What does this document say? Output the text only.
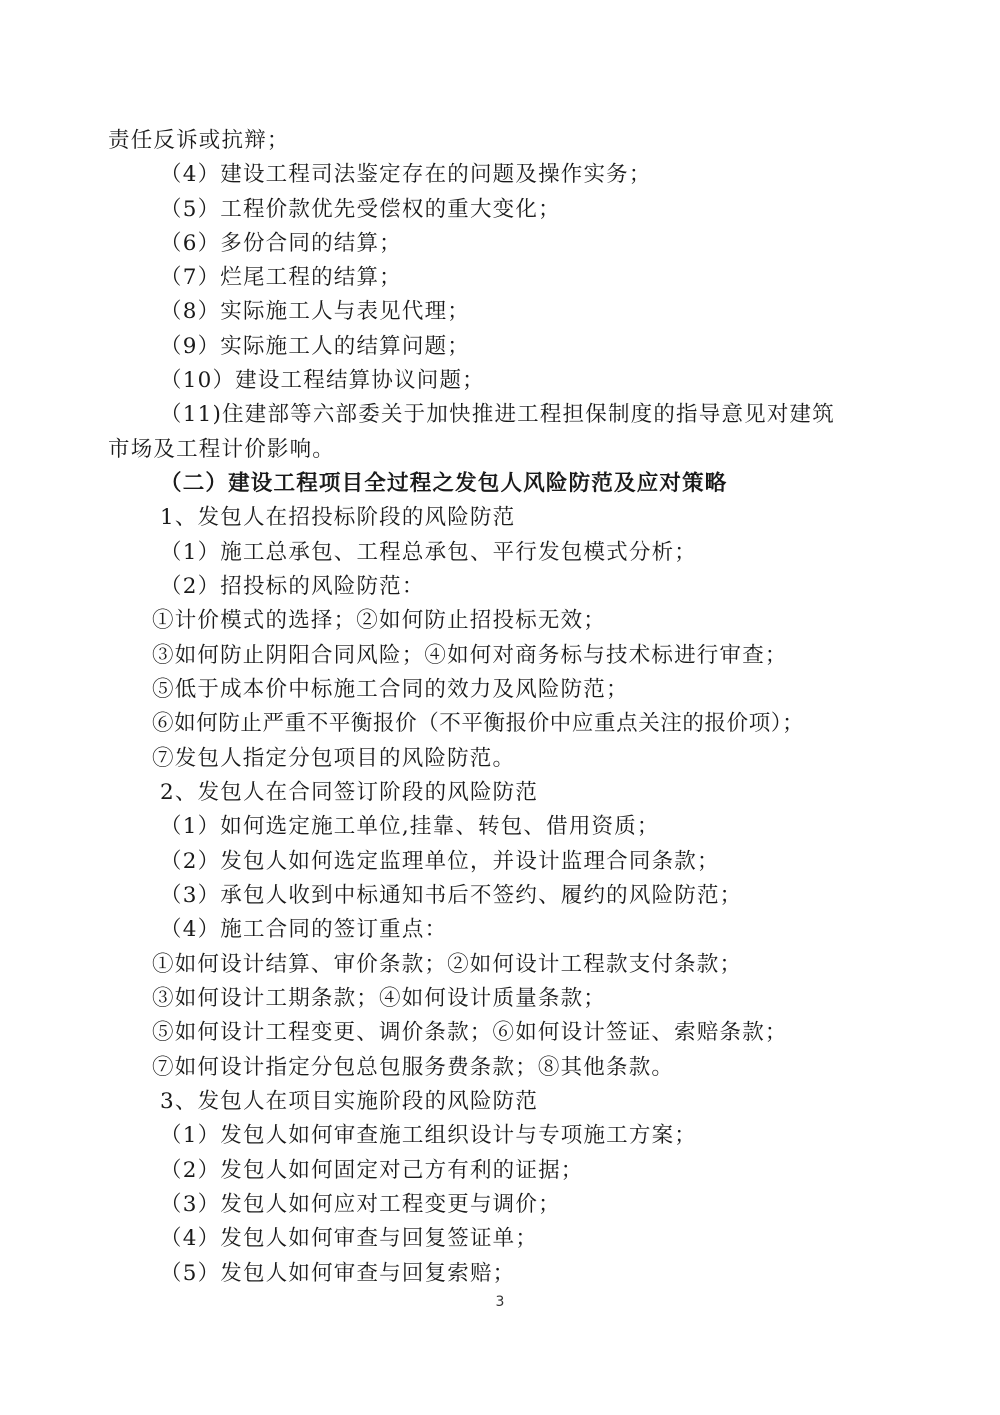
责任反诉或抗辩；
（4）建设工程司法鉴定存在的问题及操作实务；
（5）工程价款优先受偿权的重大变化；
（6）多份合同的结算；
（7）烂尾工程的结算；
（8）实际施工人与表见代理；
（9）实际施工人的结算问题；
（10）建设工程结算协议问题；
（11)住建部等六部委关于加快推进工程担保制度的指导意见对建筑
市场及工程计价影响。
（二）建设工程项目全过程之发包人风险防范及应对策略
1、发包人在招投标阶段的风险防范
（1）施工总承包、工程总承包、平行发包模式分析；
（2）招投标的风险防范：
①计价模式的选择；②如何防止招投标无效；
③如何防止阴阳合同风险；④如何对商务标与技术标进行审查；
⑤低于成本价中标施工合同的效力及风险防范；
⑥如何防止严重不平衡报价（不平衡报价中应重点关注的报价项）；
⑦发包人指定分包项目的风险防范。
2、发包人在合同签订阶段的风险防范
（1）如何选定施工单位,挂靠、转包、借用资质；
（2）发包人如何选定监理单位，并设计监理合同条款；
（3）承包人收到中标通知书后不签约、履约的风险防范；
（4）施工合同的签订重点：
①如何设计结算、审价条款；②如何设计工程款支付条款；
③如何设计工期条款；④如何设计质量条款；
⑤如何设计工程变更、调价条款；⑥如何设计签证、索赔条款；
⑦如何设计指定分包总包服务费条款；⑧其他条款。
3、发包人在项目实施阶段的风险防范
（1）发包人如何审查施工组织设计与专项施工方案；
（2）发包人如何固定对己方有利的证据；
（3）发包人如何应对工程变更与调价；
（4）发包人如何审查与回复签证单；
（5）发包人如何审查与回复索赔；
3
